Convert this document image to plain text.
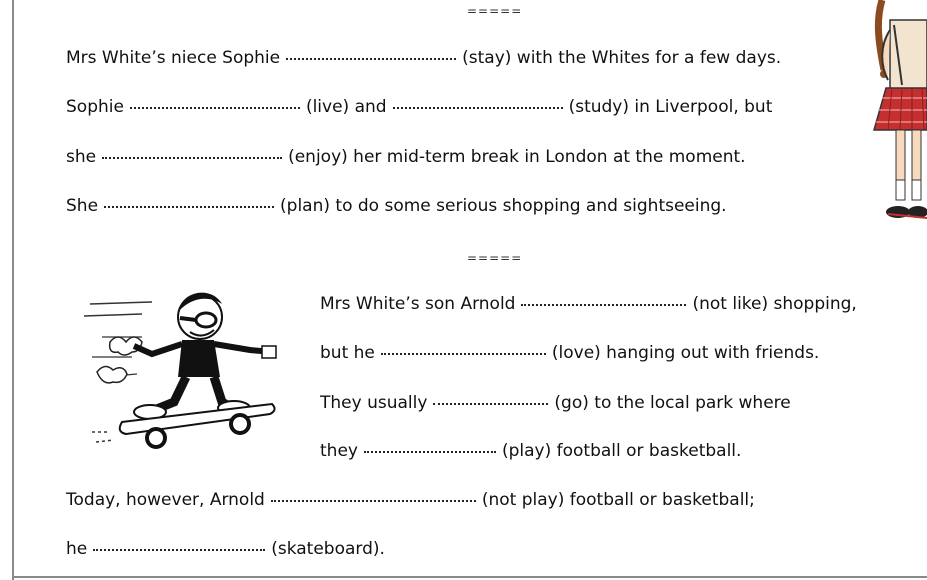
=====
Mrs White’s niece Sophie	(stay) with the Whites for a few days.
Sophie	(live) and	(study) in Liverpool, but
she	(enjoy) her mid-term break in London at the moment.
She	(plan) to do some serious shopping and sightseeing.
=====
Mrs White’s son Arnold	(not like) shopping,
but he	(love) hanging out with friends.
They usually	(go) to the local park where
they	(play) football or basketball.
Today, however, Arnold	(not play) football or basketball;
he	(skateboard).
